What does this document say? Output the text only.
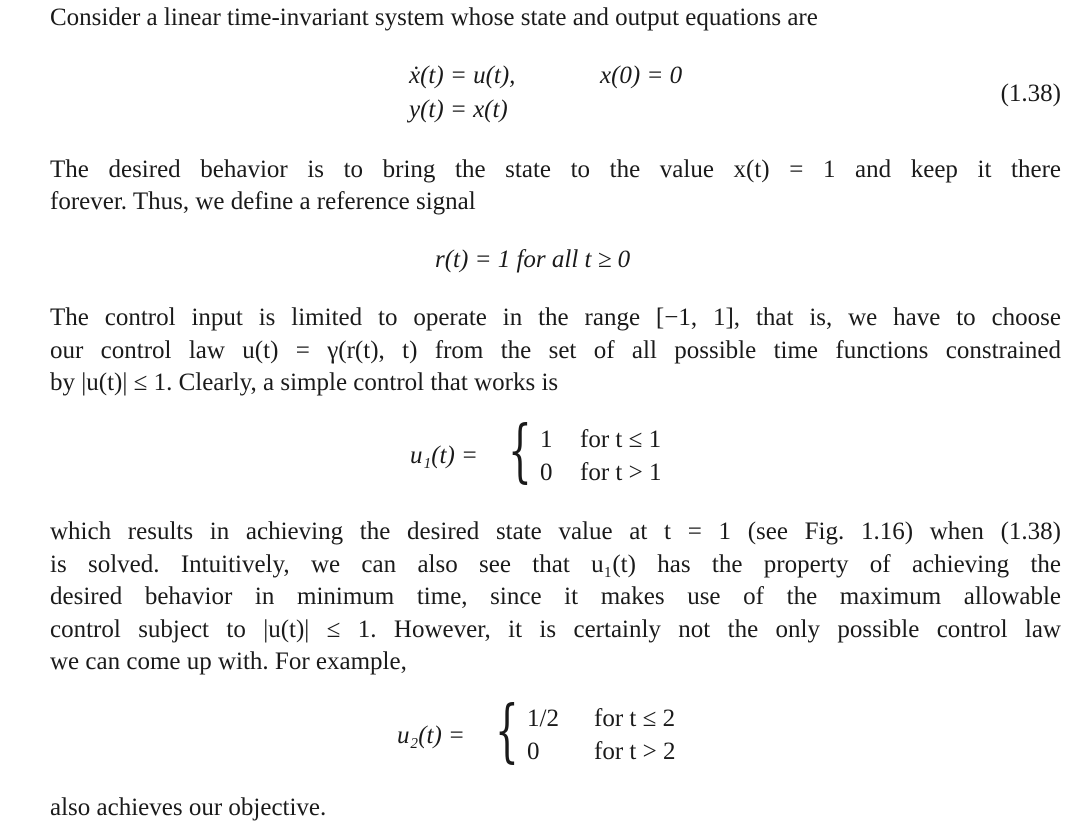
Consider a linear time-invariant system whose state and output equations are
ẋ(t) = u(t),	x(0) = 0
y(t) = x(t)
(1.38)
The desired behavior is to bring the state to the value x(t) = 1 and keep it there
forever. Thus, we define a reference signal
r(t) = 1 for all t ≥ 0
The control input is limited to operate in the range [−1, 1], that is, we have to choose
our control law u(t) = γ(r(t), t) from the set of all possible time functions constrained
by |u(t)| ≤ 1. Clearly, a simple control that works is
u₁(t) = { 1 for t ≤ 1
0 for t > 1
which results in achieving the desired state value at t = 1 (see Fig. 1.16) when (1.38)
is solved. Intuitively, we can also see that u₁(t) has the property of achieving the
desired behavior in minimum time, since it makes use of the maximum allowable
control subject to |u(t)| ≤ 1. However, it is certainly not the only possible control law
we can come up with. For example,
u₂(t) = { 1/2 for t ≤ 2
0 for t > 2
also achieves our objective.
